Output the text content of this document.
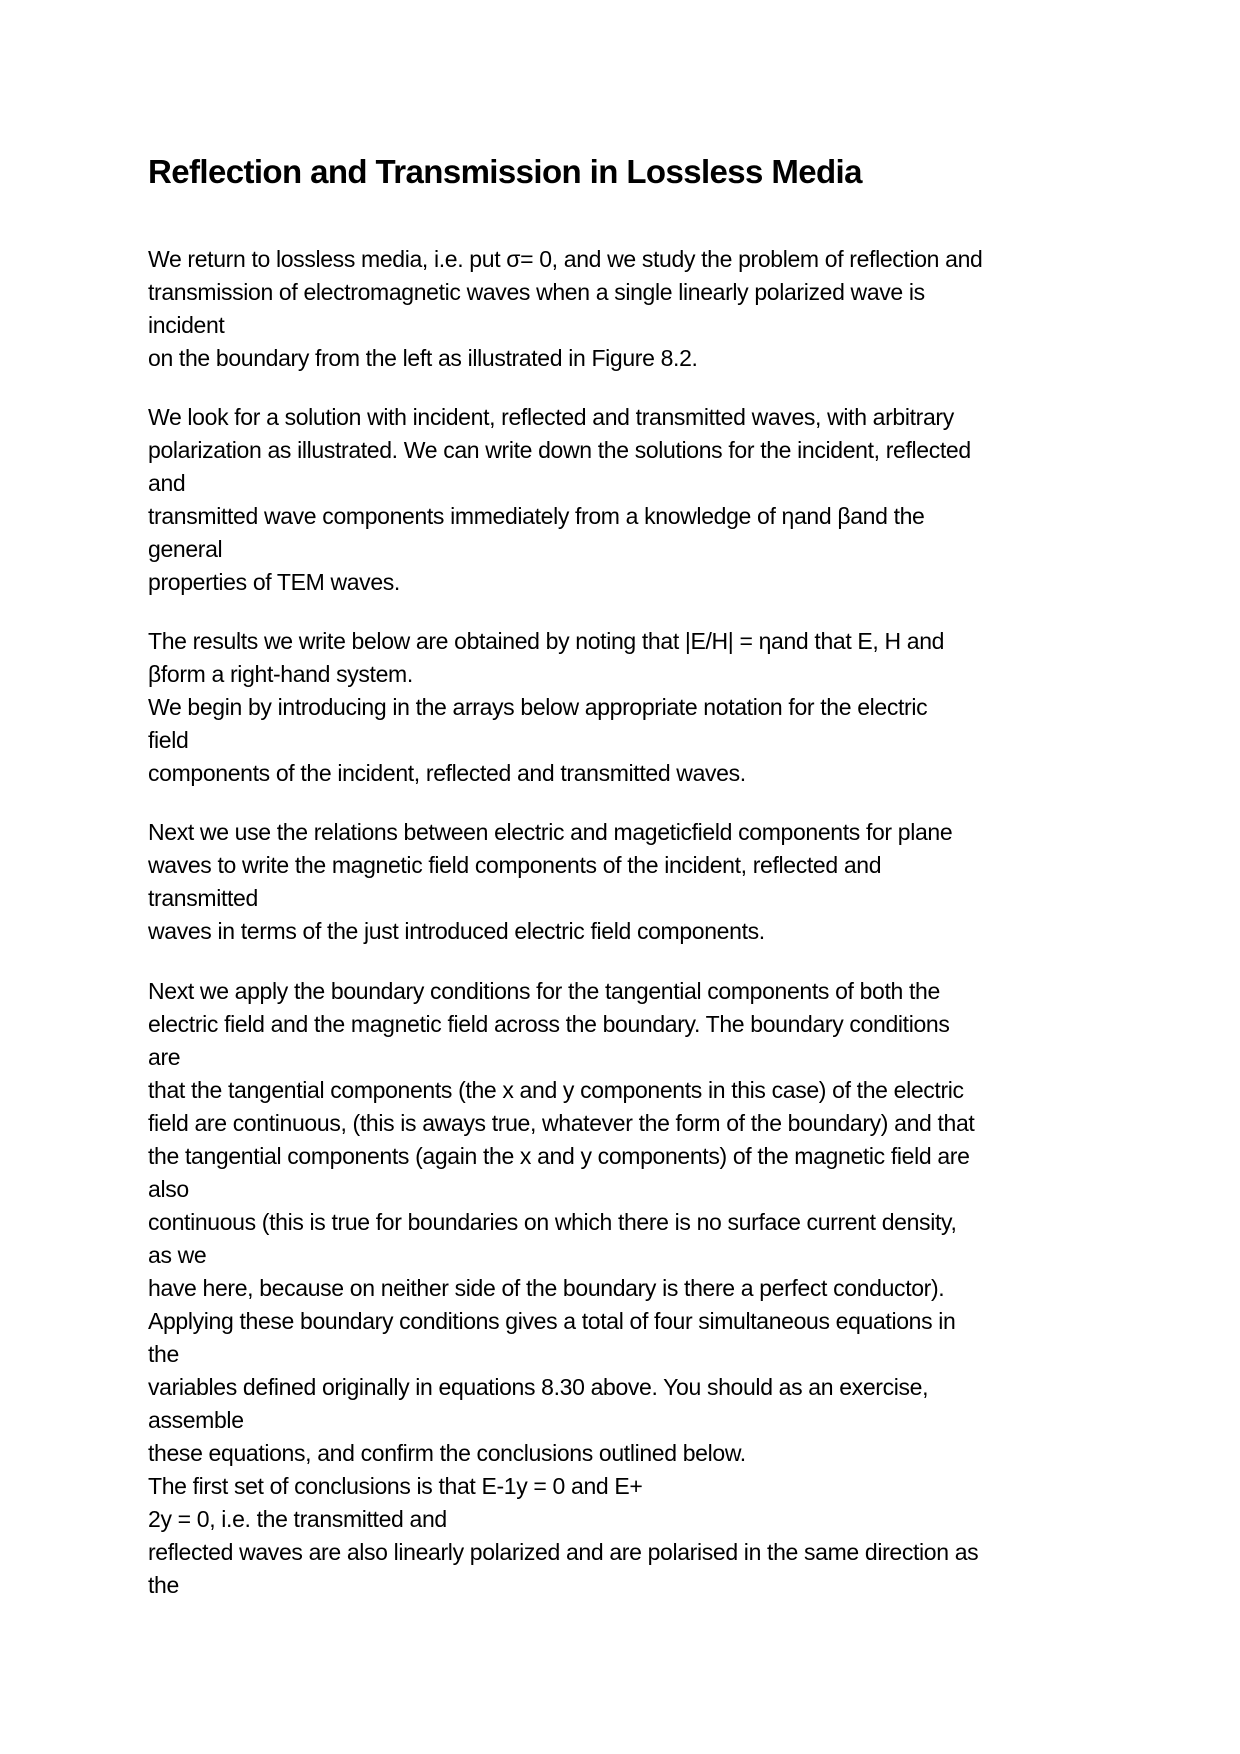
Reflection and Transmission in Lossless Media

We return to lossless media, i.e. put σ= 0, and we study the problem of reflection and
transmission of electromagnetic waves when a single linearly polarized wave is
incident
on the boundary from the left as illustrated in Figure 8.2.

We look for a solution with incident, reflected and transmitted waves, with arbitrary
polarization as illustrated. We can write down the solutions for the incident, reflected
and
transmitted wave components immediately from a knowledge of ηand βand the
general
properties of TEM waves.

The results we write below are obtained by noting that |E/H| = ηand that E, H and
βform a right-hand system.
We begin by introducing in the arrays below appropriate notation for the electric
field
components of the incident, reflected and transmitted waves.

Next we use the relations between electric and mageticfield components for plane
waves to write the magnetic field components of the incident, reflected and
transmitted
waves in terms of the just introduced electric field components.

Next we apply the boundary conditions for the tangential components of both the
electric field and the magnetic field across the boundary. The boundary conditions
are
that the tangential components (the x and y components in this case) of the electric
field are continuous, (this is aways true, whatever the form of the boundary) and that
the tangential components (again the x and y components) of the magnetic field are
also
continuous (this is true for boundaries on which there is no surface current density,
as we
have here, because on neither side of the boundary is there a perfect conductor).
Applying these boundary conditions gives a total of four simultaneous equations in
the
variables defined originally in equations 8.30 above. You should as an exercise,
assemble
these equations, and confirm the conclusions outlined below.
The first set of conclusions is that E-1y = 0 and E+
2y = 0, i.e. the transmitted and
reflected waves are also linearly polarized and are polarised in the same direction as
the
